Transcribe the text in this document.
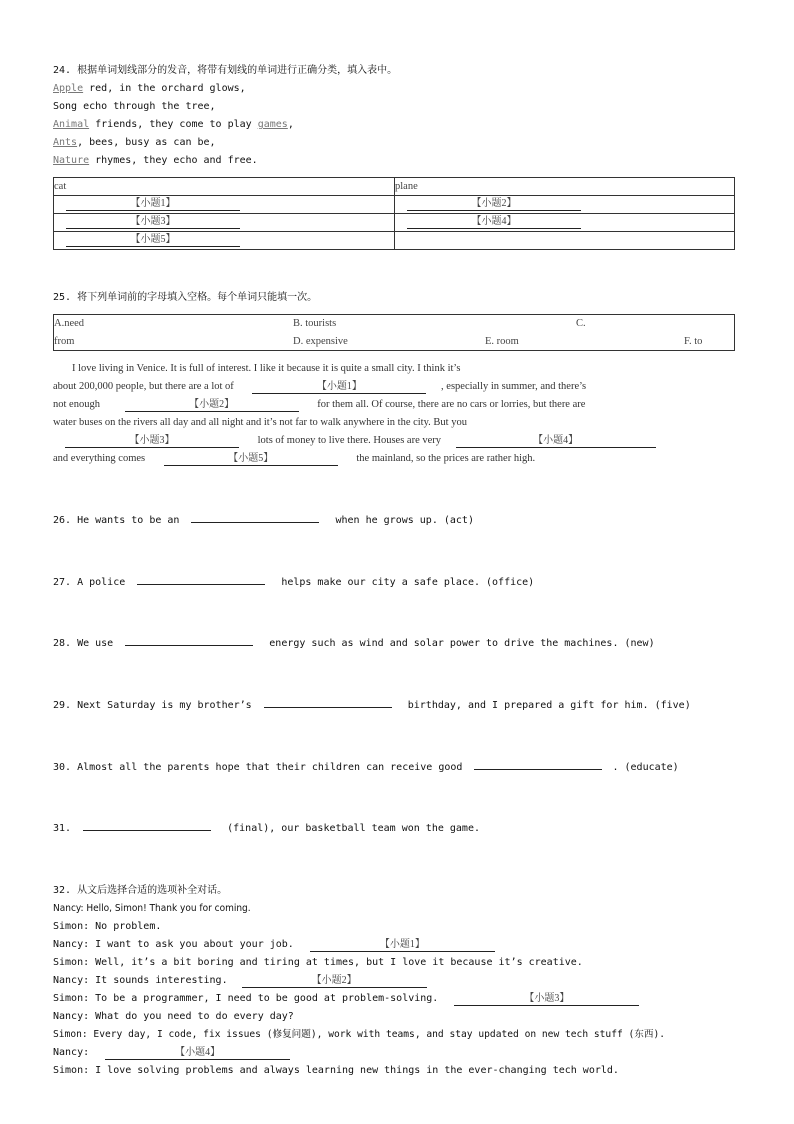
24. 根据单词划线部分的发音，将带有划线的单词进行正确分类，填入表中。
Apple red, in the orchard glows,
Song echo through the tree,
Animal friends, they come to play games,
Ants, bees, busy as can be,
Nature rhymes, they echo and free.
cat	plane
【小题1】	【小题2】
【小题3】	【小题4】
【小题5】	
25. 将下列单词前的字母填入空格。每个单词只能填一次。
A.need	B. tourists	C.
from	D. expensive	E. room	F. to
I love living in Venice. It is full of interest. I like it because it is quite a small city. I think it’s
about 200,000 people, but there are a lot of	【小题1】	, especially in summer, and there’s
not enough	【小题2】	for them all. Of course, there are no cars or lorries, but there are
water buses on the rivers all day and all night and it’s not far to walk anywhere in the city. But you
【小题3】	lots of money to live there. Houses are very	【小题4】
and everything comes	【小题5】	the mainland, so the prices are rather high.
26. He wants to be an	when he grows up. (act)
27. A police	helps make our city a safe place. (office)
28. We use	energy such as wind and solar power to drive the machines. (new)
29. Next Saturday is my brother’s	birthday, and I prepared a gift for him. (five)
30. Almost all the parents hope that their children can receive good	. (educate)
31.	(final), our basketball team won the game.
32. 从文后选择合适的选项补全对话。
Nancy: Hello, Simon! Thank you for coming.
Simon: No problem.
Nancy: I want to ask you about your job.	【小题1】
Simon: Well, it’s a bit boring and tiring at times, but I love it because it’s creative.
Nancy: It sounds interesting.	【小题2】
Simon: To be a programmer, I need to be good at problem-solving.	【小题3】
Nancy: What do you need to do every day?
Simon: Every day, I code, fix issues (修复问题), work with teams, and stay updated on new tech stuff (东西).
Nancy:	【小题4】
Simon: I love solving problems and always learning new things in the ever-changing tech world.
